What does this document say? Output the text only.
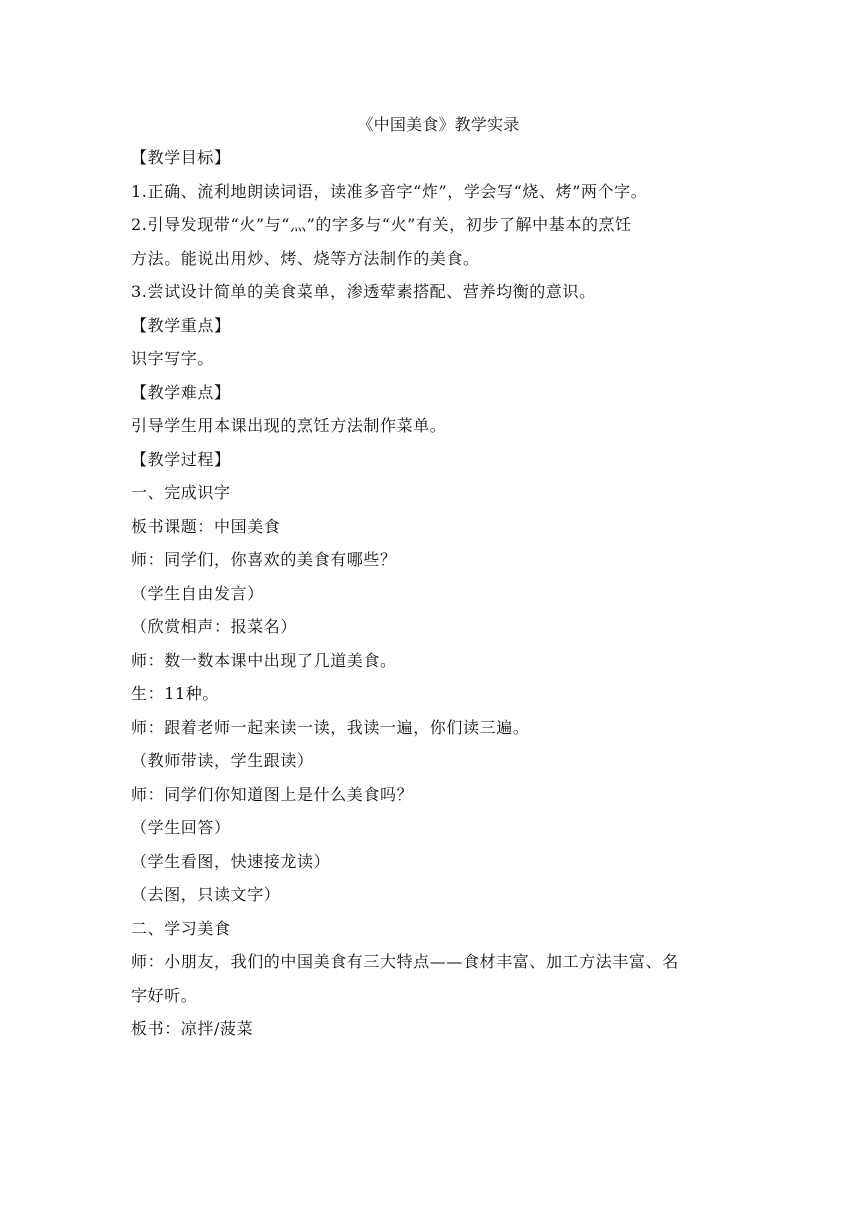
《中国美食》教学实录

【教学目标】

1.正确、流利地朗读词语，读准多音字“炸”，学会写“烧、烤”两个字。

2.引导发现带“火”与“灬”的字多与“火”有关，初步了解中基本的烹饪

方法。能说出用炒、烤、烧等方法制作的美食。

3.尝试设计简单的美食菜单，渗透荤素搭配、营养均衡的意识。

【教学重点】

识字写字。

【教学难点】

引导学生用本课出现的烹饪方法制作菜单。

【教学过程】

一、完成识字

板书课题：中国美食

师：同学们，你喜欢的美食有哪些？

（学生自由发言）

（欣赏相声：报菜名）

师：数一数本课中出现了几道美食。

生：11种。

师：跟着老师一起来读一读，我读一遍，你们读三遍。

（教师带读，学生跟读）

师：同学们你知道图上是什么美食吗？

（学生回答）

（学生看图，快速接龙读）

（去图，只读文字）

二、学习美食

师：小朋友，我们的中国美食有三大特点——食材丰富、加工方法丰富、名

字好听。

板书：凉拌/菠菜
